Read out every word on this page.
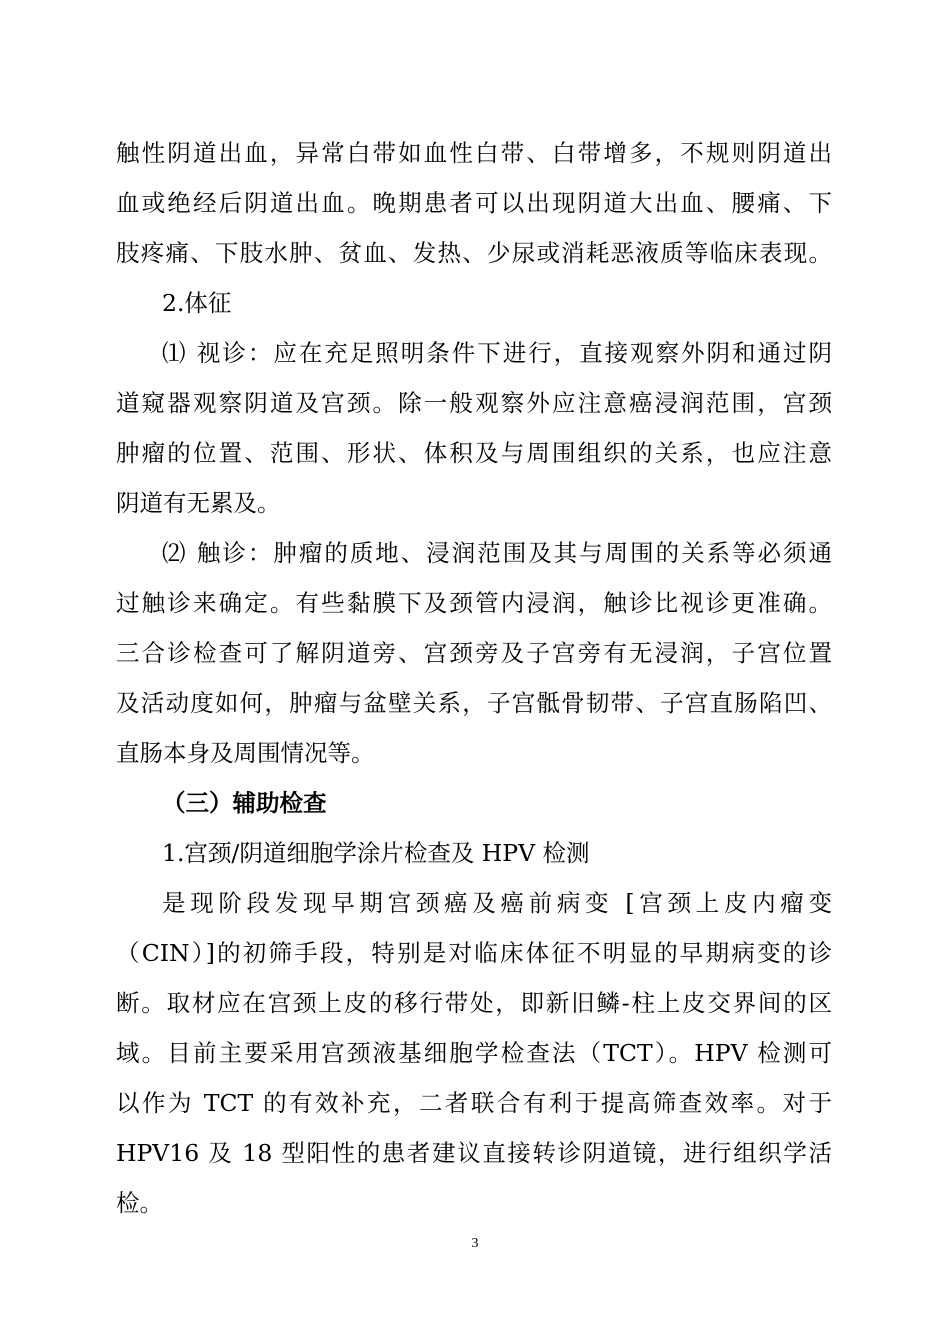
触性阴道出血，异常白带如血性白带、白带增多，不规则阴道出
血或绝经后阴道出血。晚期患者可以出现阴道大出血、腰痛、下
肢疼痛、下肢水肿、贫血、发热、少尿或消耗恶液质等临床表现。
2.体征
⑴ 视诊：应在充足照明条件下进行，直接观察外阴和通过阴
道窥器观察阴道及宫颈。除一般观察外应注意癌浸润范围，宫颈
肿瘤的位置、范围、形状、体积及与周围组织的关系，也应注意
阴道有无累及。
⑵ 触诊：肿瘤的质地、浸润范围及其与周围的关系等必须通
过触诊来确定。有些黏膜下及颈管内浸润，触诊比视诊更准确。
三合诊检查可了解阴道旁、宫颈旁及子宫旁有无浸润，子宫位置
及活动度如何，肿瘤与盆壁关系，子宫骶骨韧带、子宫直肠陷凹、
直肠本身及周围情况等。
（三）辅助检查
1.宫颈/阴道细胞学涂片检查及 HPV 检测
是现阶段发现早期宫颈癌及癌前病变 [宫颈上皮内瘤变
（CIN）]的初筛手段，特别是对临床体征不明显的早期病变的诊
断。取材应在宫颈上皮的移行带处，即新旧鳞-柱上皮交界间的区
域。目前主要采用宫颈液基细胞学检查法（TCT）。HPV 检测可
以作为 TCT 的有效补充，二者联合有利于提高筛查效率。对于
HPV16 及 18 型阳性的患者建议直接转诊阴道镜，进行组织学活
检。
3
